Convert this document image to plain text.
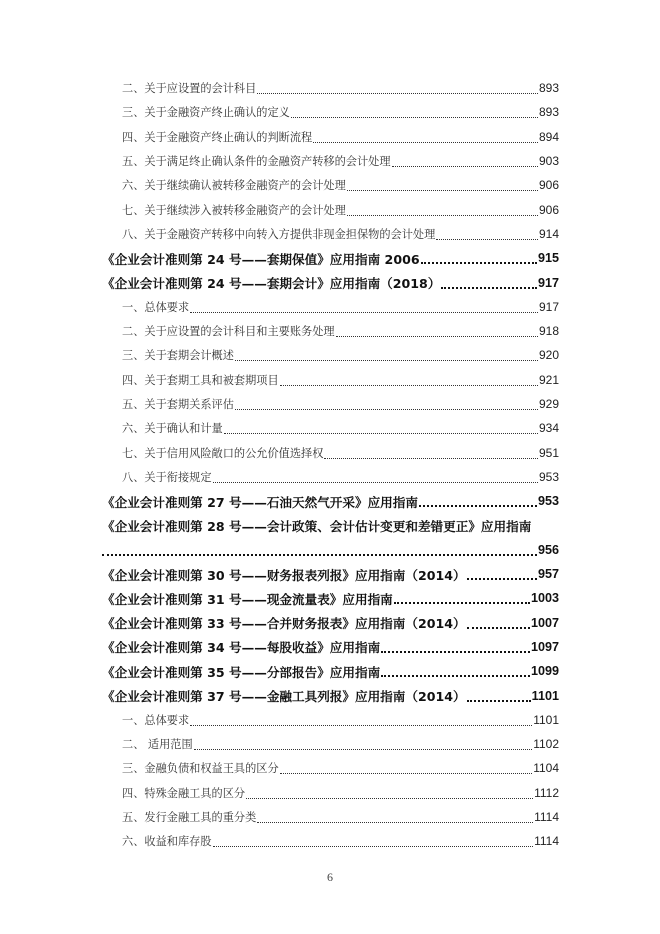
二、关于应设置的会计科目	893
三、关于金融资产终止确认的定义	893
四、关于金融资产终止确认的判断流程	894
五、关于满足终止确认条件的金融资产转移的会计处理	903
六、关于继续确认被转移金融资产的会计处理	906
七、关于继续涉入被转移金融资产的会计处理	906
八、关于金融资产转移中向转入方提供非现金担保物的会计处理	914
《企业会计准则第 24 号——套期保值》应用指南 2006	915
《企业会计准则第 24 号——套期会计》应用指南（2018）	917
一、总体要求	917
二、关于应设置的会计科目和主要账务处理	918
三、关于套期会计概述	920
四、关于套期工具和被套期项目	921
五、关于套期关系评估	929
六、关于确认和计量	934
七、关于信用风险敞口的公允价值选择权	951
八、关于衔接规定	953
《企业会计准则第 27 号——石油天然气开采》应用指南	953
《企业会计准则第 28 号——会计政策、会计估计变更和差错更正》应用指南
956
《企业会计准则第 30 号——财务报表列报》应用指南（2014）	957
《企业会计准则第 31 号——现金流量表》应用指南	1003
《企业会计准则第 33 号——合并财务报表》应用指南（2014）	1007
《企业会计准则第 34 号——每股收益》应用指南	1097
《企业会计准则第 35 号——分部报告》应用指南	1099
《企业会计准则第 37 号——金融工具列报》应用指南（2014）	1101
一、总体要求	1101
二、 适用范围	1102
三、金融负债和权益王具的区分	1104
四、特殊金融工具的区分	1112
五、发行金融工具的重分类	1114
六、收益和库存股	1114
6
